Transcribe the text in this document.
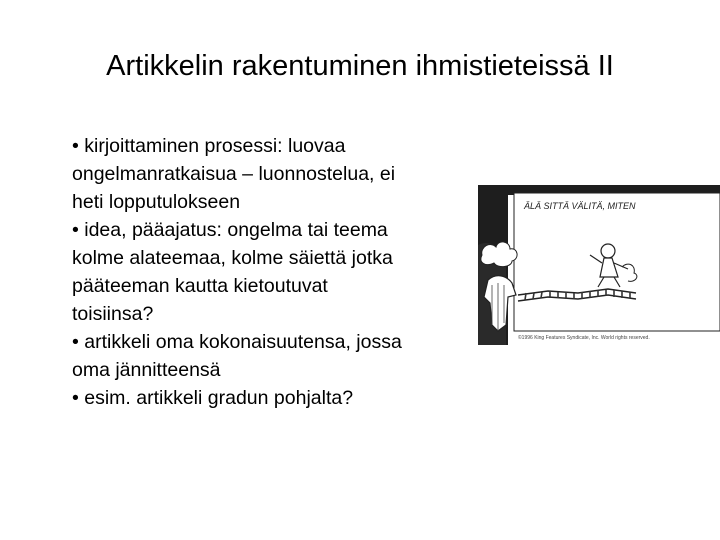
Artikkelin rakentuminen ihmistieteissä II
• kirjoittaminen prosessi: luovaa
ongelmanratkaisua – luonnostelua, ei
heti lopputulokseen
• idea, pääajatus: ongelma tai teema
kolme alateemaa, kolme säiettä jotka
pääteeman kautta kietoutuvat
toisiinsa?
• artikkeli oma kokonaisuutensa, jossa
oma jännitteensä
• esim. artikkeli gradun pohjalta?
ÄLÄ SITTÄ VÄLITÄ, MITEN
©1996 King Features Syndicate, Inc. World rights reserved.
